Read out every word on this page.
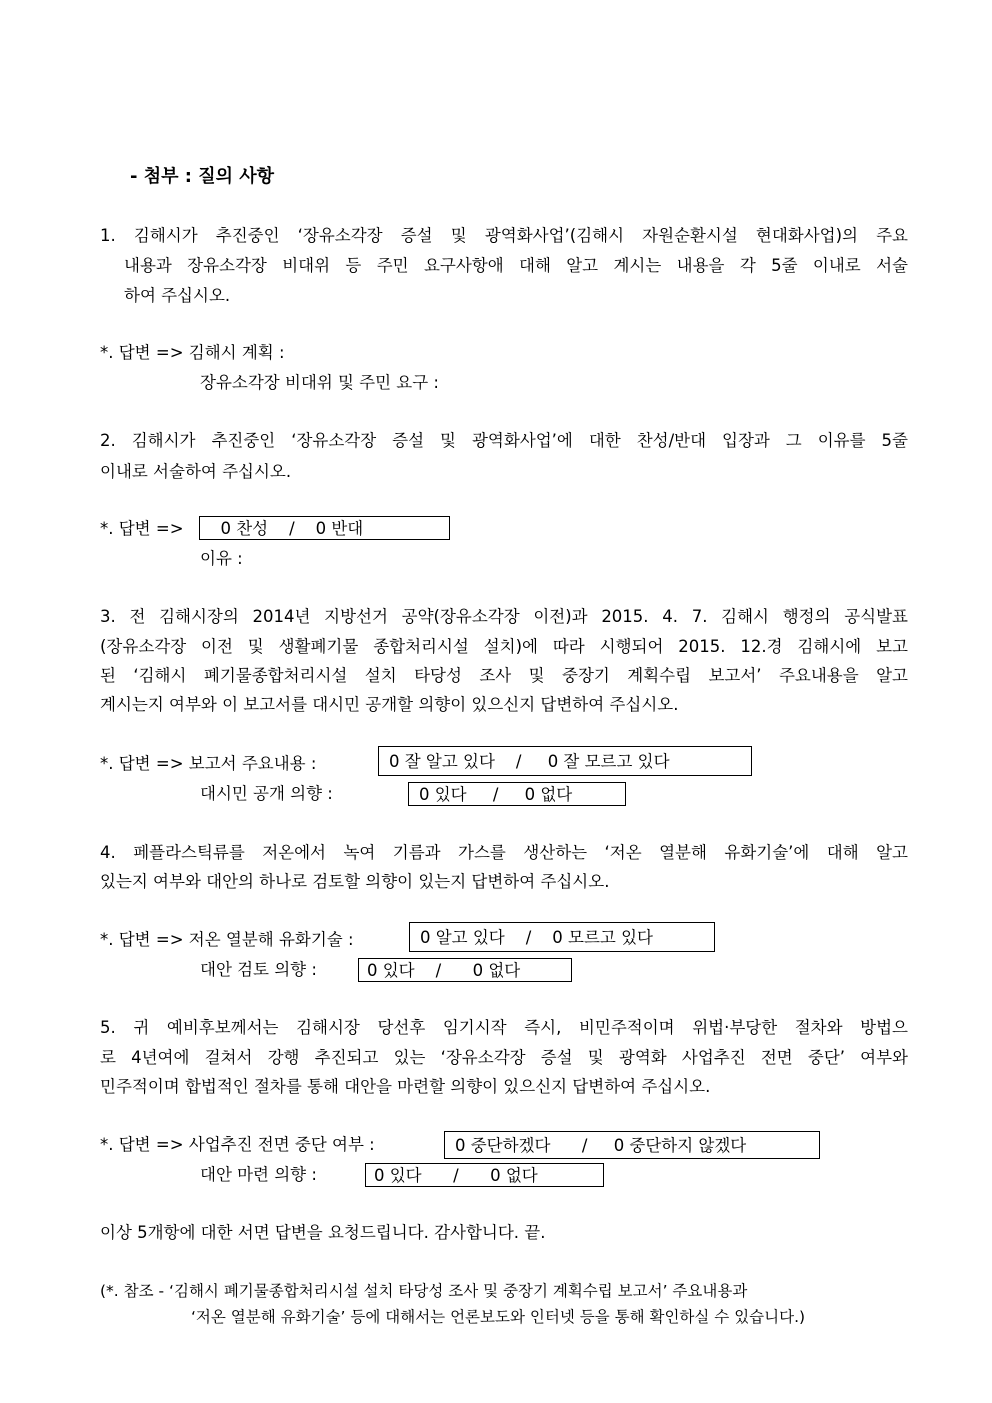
- 첨부 : 질의 사항
1. 김해시가 추진중인 ‘장유소각장 증설 및 광역화사업’(김해시 자원순환시설 현대화사업)의 주요
내용과 장유소각장 비대위 등 주민 요구사항애 대해 알고 계시는 내용을 각 5줄 이내로 서술
하여 주십시오.
*. 답변 => 김해시 계획 :
장유소각장 비대위 및 주민 요구 :
2. 김해시가 추진중인 ‘장유소각장 증설 및 광역화사업’에 대한 찬성/반대 입장과 그 이유를 5줄
이내로 서술하여 주십시오.
*. 답변 =>	0 찬성    /    0 반대
이유 :
3. 전 김해시장의 2014년 지방선거 공약(장유소각장 이전)과 2015. 4. 7. 김해시 행정의 공식발표
(장유소각장 이전 및 생활폐기물 종합처리시설 설치)에 따라 시행되어 2015. 12.경 김해시에 보고
된 ‘김해시 폐기물종합처리시설 설치 타당성 조사 및 중장기 계획수립 보고서’ 주요내용을 알고
계시는지 여부와 이 보고서를 대시민 공개할 의향이 있으신지 답변하여 주십시오.
*. 답변 => 보고서 주요내용 :	0 잘 알고 있다    /     0 잘 모르고 있다
대시민 공개 의향 :	0 있다     /     0 없다
4. 페플라스틱류를 저온에서 녹여 기름과 가스를 생산하는 ‘저온 열분해 유화기술’에 대해 알고
있는지 여부와 대안의 하나로 검토할 의향이 있는지 답변하여 주십시오.
*. 답변 => 저온 열분해 유화기술 :	0 알고 있다    /    0 모르고 있다
대안 검토 의향 :	0 있다    /      0 없다
5. 귀 예비후보께서는 김해시장 당선후 임기시작 즉시, 비민주적이며 위법·부당한 절차와 방법으
로 4년여에 걸쳐서 강행 추진되고 있는 ‘장유소각장 증설 및 광역화 사업추진 전면 중단’ 여부와
민주적이며 합법적인 절차를 통해 대안을 마련할 의향이 있으신지 답변하여 주십시오.
*. 답변 => 사업추진 전면 중단 여부 :	0 중단하겠다      /     0 중단하지 않겠다
대안 마련 의향 :	0 있다      /      0 없다
이상 5개항에 대한 서면 답변을 요청드립니다. 감사합니다. 끝.
(*. 참조 - ‘김해시 폐기물종합처리시설 설치 타당성 조사 및 중장기 계획수립 보고서’ 주요내용과
‘저온 열분해 유화기술’ 등에 대해서는 언론보도와 인터넷 등을 통해 확인하실 수 있습니다.)
